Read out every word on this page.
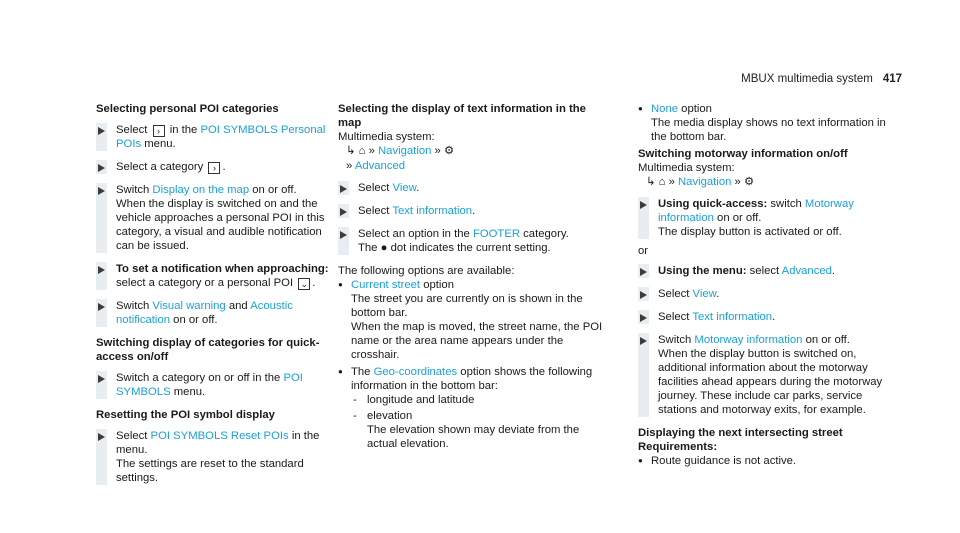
MBUX multimedia system 417
Selecting personal POI categories
Select › in the POI SYMBOLS Personal POIs menu.
Select a category › .
Switch Display on the map on or off.
When the display is switched on and the vehicle approaches a personal POI in this category, a visual and audible notification can be issued.
To set a notification when approaching: select a category or a personal POI ⌄ .
Switch Visual warning and Acoustic notification on or off.
Switching display of categories for quick-access on/off
Switch a category on or off in the POI SYMBOLS menu.
Resetting the POI symbol display
Select POI SYMBOLS Reset POIs in the menu.
The settings are reset to the standard settings.
Selecting the display of text information in the map
Multimedia system:
↳ ⌂ » Navigation » ⚙
» Advanced
Select View.
Select Text information.
Select an option in the FOOTER category.
The ● dot indicates the current setting.
The following options are available:
● Current street option
The street you are currently on is shown in the bottom bar.
When the map is moved, the street name, the POI name or the area name appears under the crosshair.
● The Geo-coordinates option shows the following information in the bottom bar:
- longitude and latitude
- elevation
The elevation shown may deviate from the actual elevation.
● None option
The media display shows no text information in the bottom bar.
Switching motorway information on/off
Multimedia system:
↳ ⌂ » Navigation » ⚙
Using quick-access: switch Motorway information on or off.
The display button is activated or off.
or
Using the menu: select Advanced.
Select View.
Select Text information.
Switch Motorway information on or off.
When the display button is switched on, additional information about the motorway facilities ahead appears during the motorway journey. These include car parks, service stations and motorway exits, for example.
Displaying the next intersecting street
Requirements:
● Route guidance is not active.
